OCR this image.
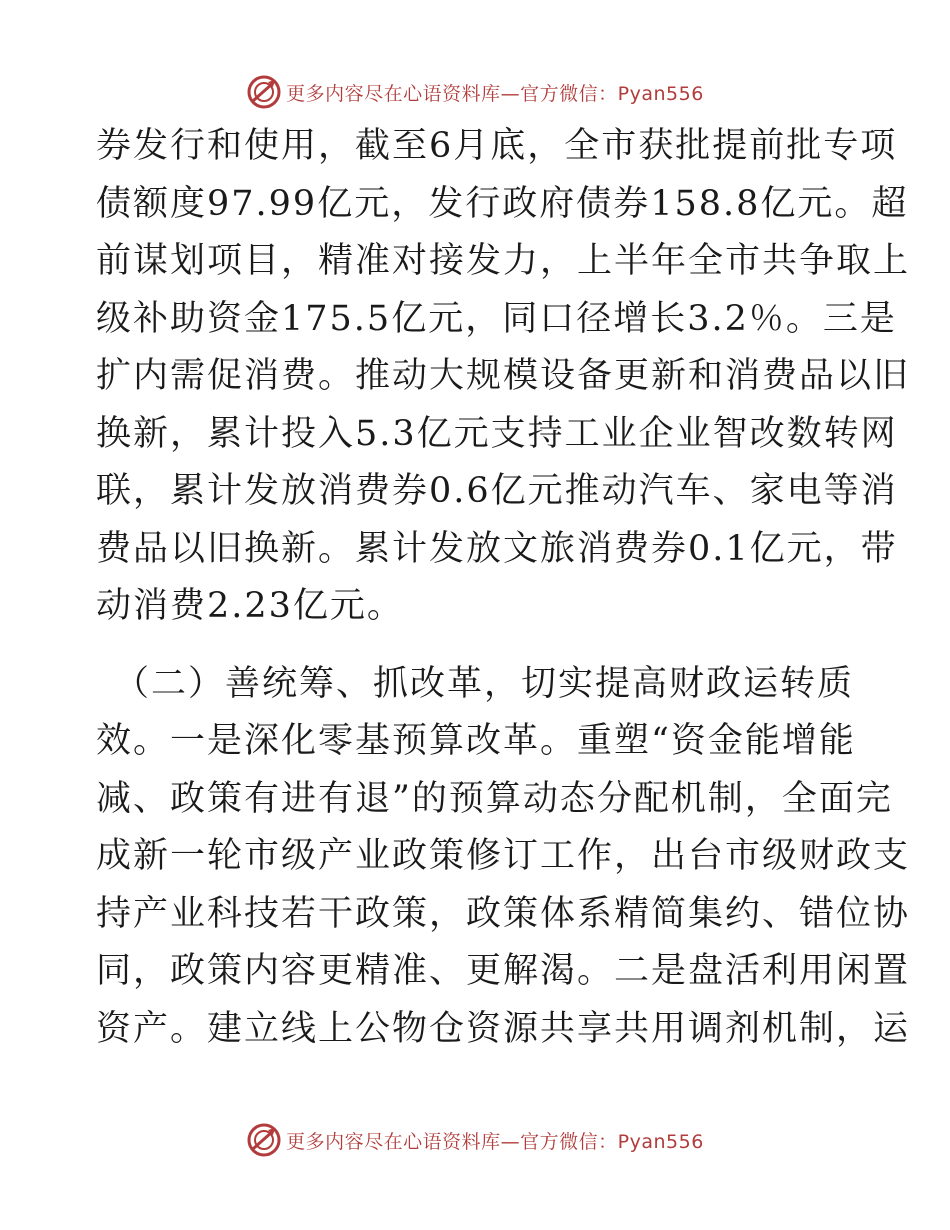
更多内容尽在心语资料库—官方微信：Pyan556

券发行和使用，截至6月底，全市获批提前批专项
债额度97.99亿元，发行政府债券158.8亿元。超
前谋划项目，精准对接发力，上半年全市共争取上
级补助资金175.5亿元，同口径增长3.2％。三是
扩内需促消费。推动大规模设备更新和消费品以旧
换新，累计投入5.3亿元支持工业企业智改数转网
联，累计发放消费券0.6亿元推动汽车、家电等消
费品以旧换新。累计发放文旅消费券0.1亿元，带
动消费2.23亿元。

（二）善统筹、抓改革，切实提高财政运转质
效。一是深化零基预算改革。重塑“资金能增能
减、政策有进有退”的预算动态分配机制，全面完
成新一轮市级产业政策修订工作，出台市级财政支
持产业科技若干政策，政策体系精简集约、错位协
同，政策内容更精准、更解渴。二是盘活利用闲置
资产。建立线上公物仓资源共享共用调剂机制，运

更多内容尽在心语资料库—官方微信：Pyan556
